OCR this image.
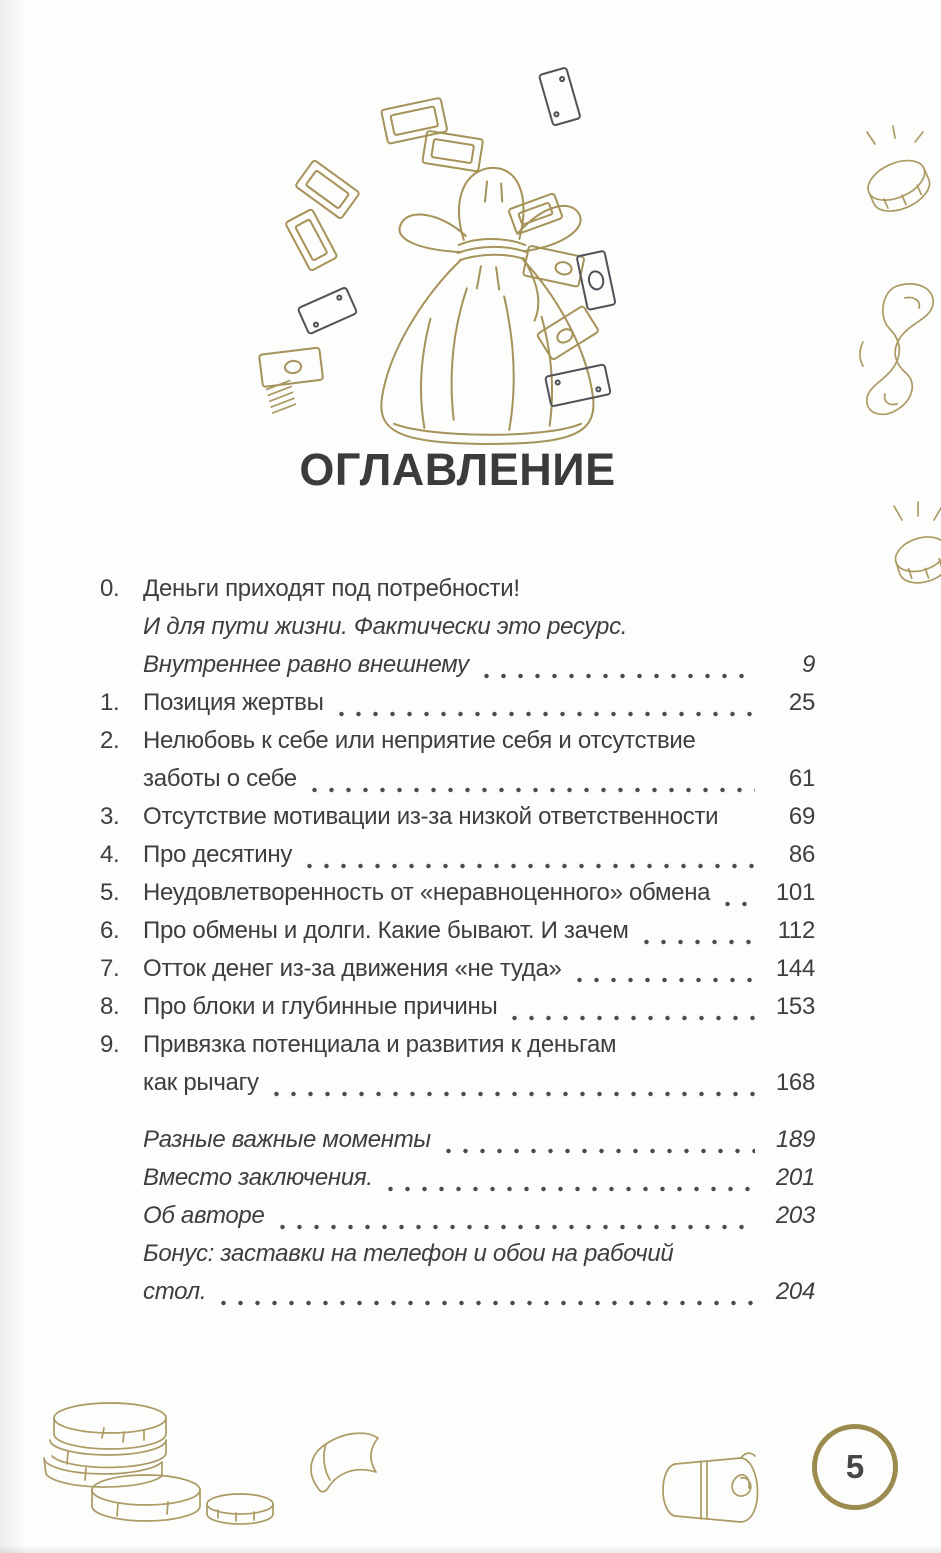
ОГЛАВЛЕНИЕ
0. Деньги приходят под потребности!
И для пути жизни. Фактически это ресурс.
Внутреннее равно внешнему	9
1. Позиция жертвы	25
2. Нелюбовь к себе или неприятие себя и отсутствие
заботы о себе	61
3. Отсутствие мотивации из-за низкой ответственности	69
4. Про десятину	86
5. Неудовлетворенность от «неравноценного» обмена	101
6. Про обмены и долги. Какие бывают. И зачем	112
7. Отток денег из-за движения «не туда»	144
8. Про блоки и глубинные причины	153
9. Привязка потенциала и развития к деньгам
как рычагу	168
Разные важные моменты	189
Вместо заключения.	201
Об авторе	203
Бонус: заставки на телефон и обои на рабочий
стол.	204
5
